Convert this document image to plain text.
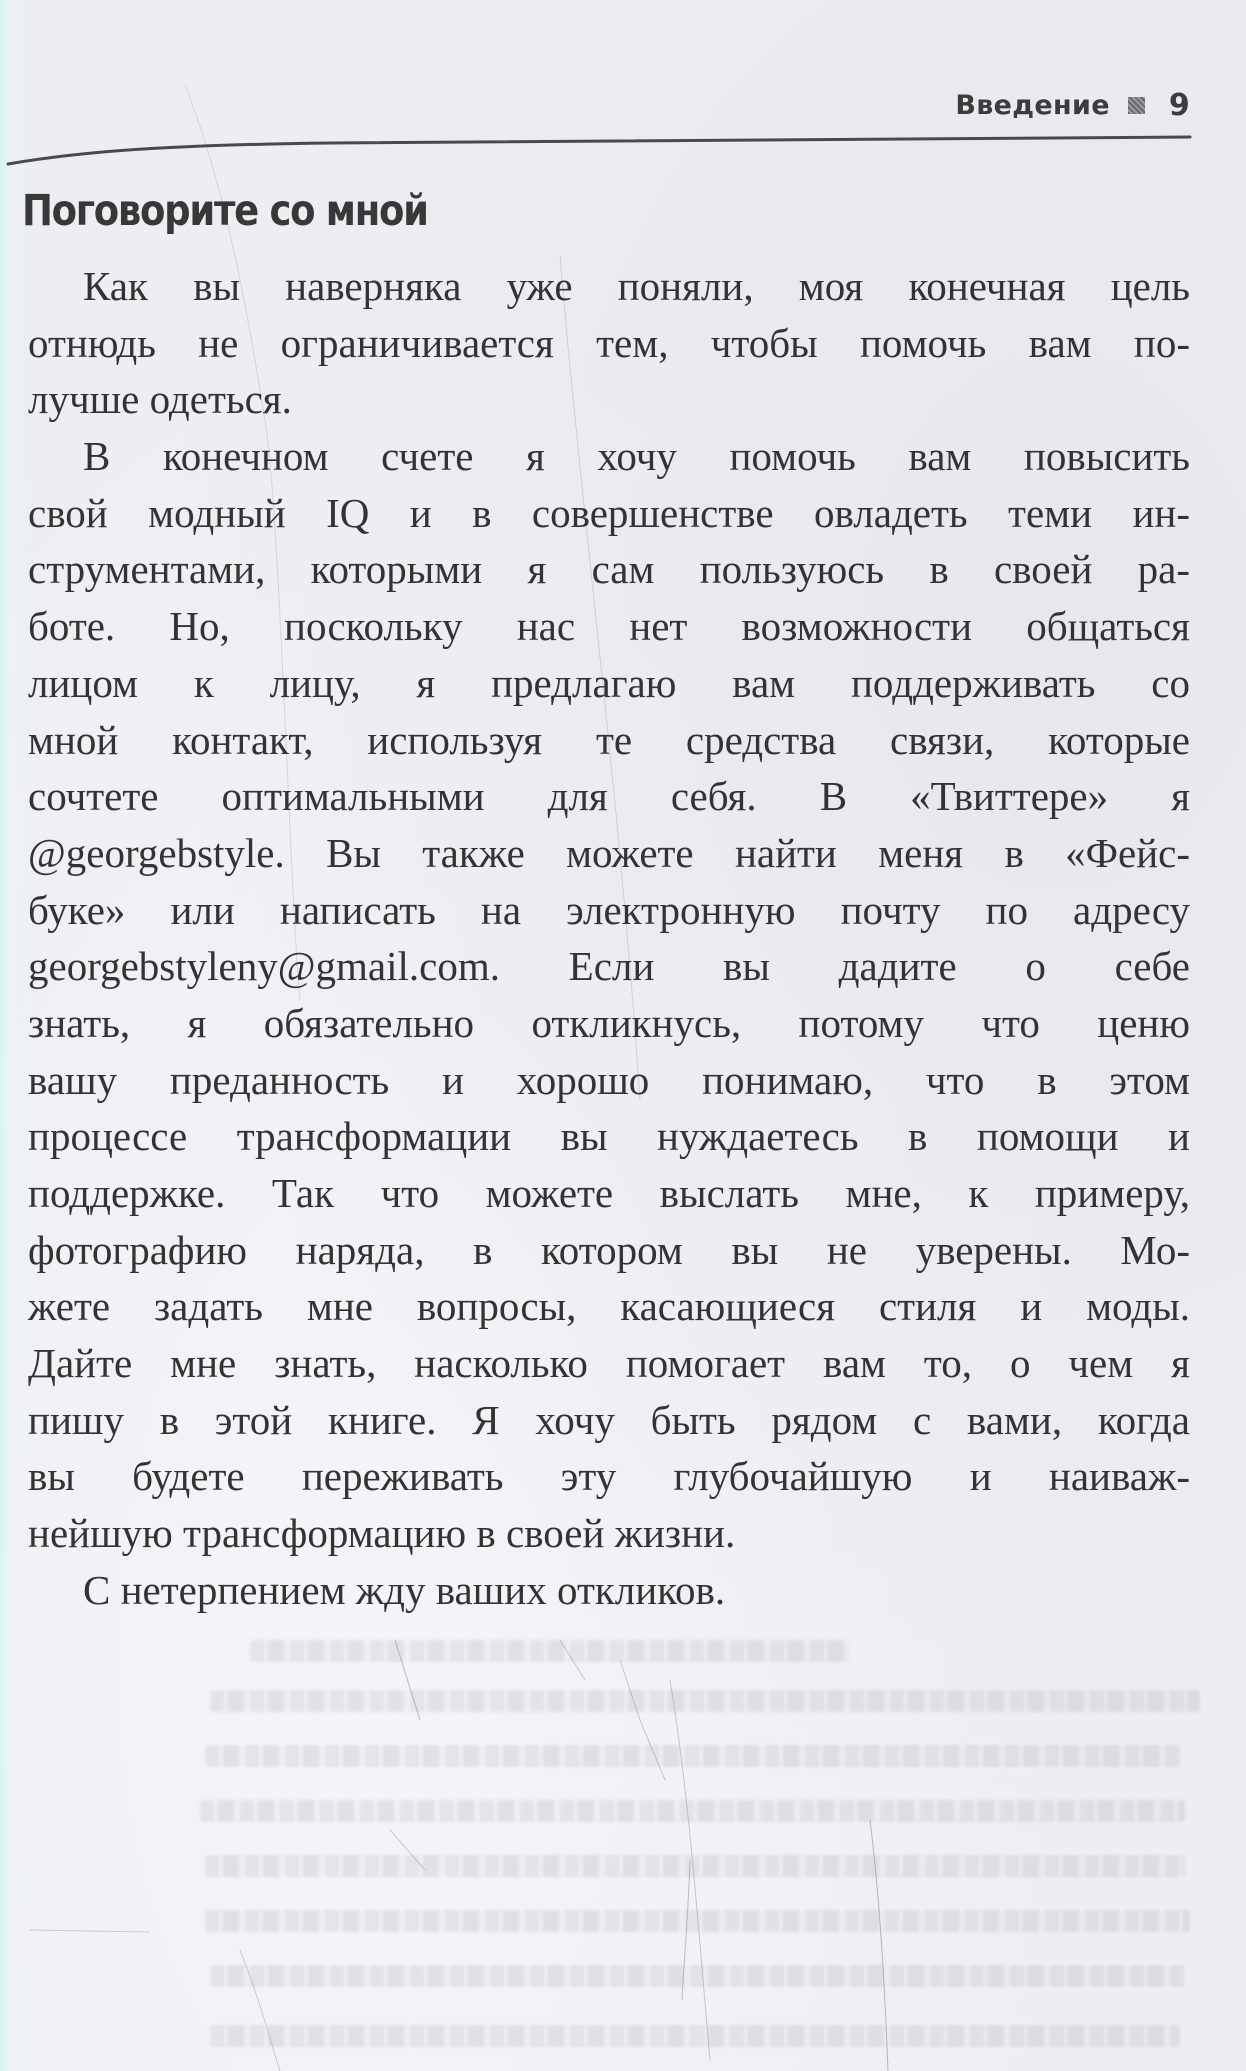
Введение 9
Поговорите со мной
Как вы наверняка уже поняли, моя конечная цель
отнюдь не ограничивается тем, чтобы помочь вам по-
лучше одеться.
В конечном счете я хочу помочь вам повысить
свой модный IQ и в совершенстве овладеть теми ин-
струментами, которыми я сам пользуюсь в своей ра-
боте. Но, поскольку нас нет возможности общаться
лицом к лицу, я предлагаю вам поддерживать со
мной контакт, используя те средства связи, которые
сочтете оптимальными для себя. В «Твиттере» я
@georgebstyle. Вы также можете найти меня в «Фейс-
буке» или написать на электронную почту по адресу
georgebstyleny@gmail.com. Если вы дадите о себе
знать, я обязательно откликнусь, потому что ценю
вашу преданность и хорошо понимаю, что в этом
процессе трансформации вы нуждаетесь в помощи и
поддержке. Так что можете выслать мне, к примеру,
фотографию наряда, в котором вы не уверены. Мо-
жете задать мне вопросы, касающиеся стиля и моды.
Дайте мне знать, насколько помогает вам то, о чем я
пишу в этой книге. Я хочу быть рядом с вами, когда
вы будете переживать эту глубочайшую и наиваж-
нейшую трансформацию в своей жизни.
С нетерпением жду ваших откликов.
